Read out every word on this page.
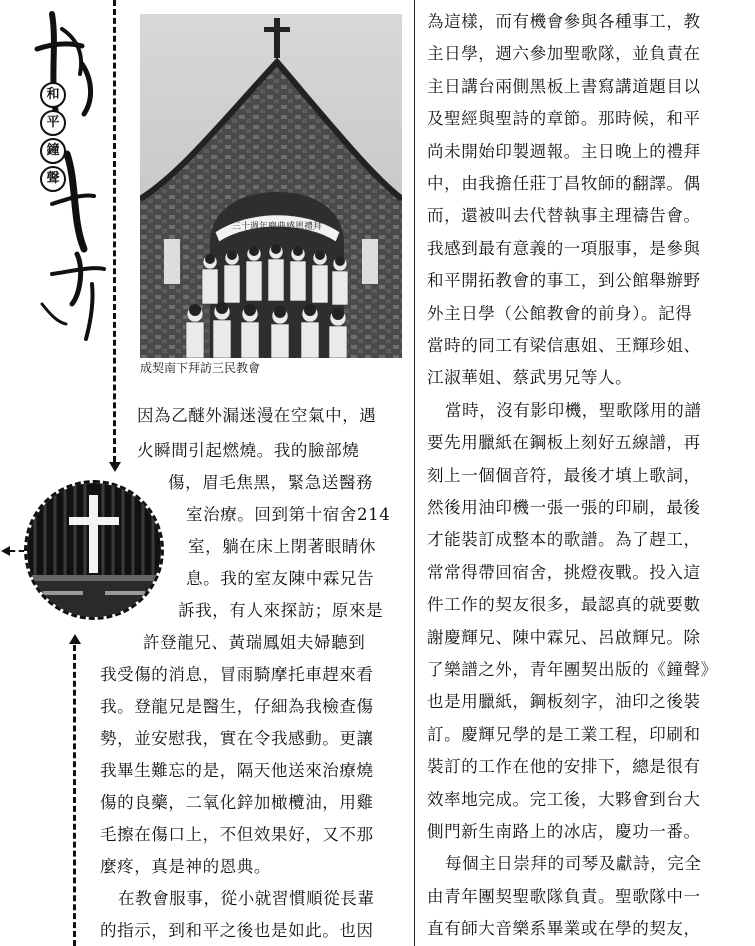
和
平
鐘
聲
三十週年慶典感恩禮拜
成契南下拜訪三民教會
因為乙醚外漏迷漫在空氣中，遇
火瞬間引起燃燒。我的臉部燒
傷，眉毛焦黑，緊急送醫務
室治療。回到第十宿舍214
室，躺在床上閉著眼睛休
息。我的室友陳中霖兄告
訴我，有人來探訪；原來是
許登龍兄、黃瑞鳳姐夫婦聽到
我受傷的消息，冒雨騎摩托車趕來看
我。登龍兄是醫生，仔細為我檢查傷
勢，並安慰我，實在令我感動。更讓
我畢生難忘的是，隔天他送來治療燒
傷的良藥，二氧化鋅加橄欖油，用雞
毛擦在傷口上，不但效果好，又不那
麼疼，真是神的恩典。
在教會服事，從小就習慣順從長輩
的指示，到和平之後也是如此。也因
為這樣，而有機會參與各種事工，教
主日學，週六參加聖歌隊，並負責在
主日講台兩側黑板上書寫講道題目以
及聖經與聖詩的章節。那時候，和平
尚未開始印製週報。主日晚上的禮拜
中，由我擔任莊丁昌牧師的翻譯。偶
而，還被叫去代替執事主理禱告會。
我感到最有意義的一項服事，是參與
和平開拓教會的事工，到公館舉辦野
外主日學（公館教會的前身）。記得
當時的同工有梁信惠姐、王輝珍姐、
江淑華姐、蔡武男兄等人。
當時，沒有影印機，聖歌隊用的譜
要先用臘紙在鋼板上刻好五線譜，再
刻上一個個音符，最後才填上歌詞，
然後用油印機一張一張的印刷，最後
才能裝訂成整本的歌譜。為了趕工，
常常得帶回宿舍，挑燈夜戰。投入這
件工作的契友很多，最認真的就要數
謝慶輝兄、陳中霖兄、呂啟輝兄。除
了樂譜之外，青年團契出版的《鐘聲》
也是用臘紙，鋼板刻字，油印之後裝
訂。慶輝兄學的是工業工程，印刷和
裝訂的工作在他的安排下，總是很有
效率地完成。完工後，大夥會到台大
側門新生南路上的冰店，慶功一番。
每個主日崇拜的司琴及獻詩，完全
由青年團契聖歌隊負責。聖歌隊中一
直有師大音樂系畢業或在學的契友，
